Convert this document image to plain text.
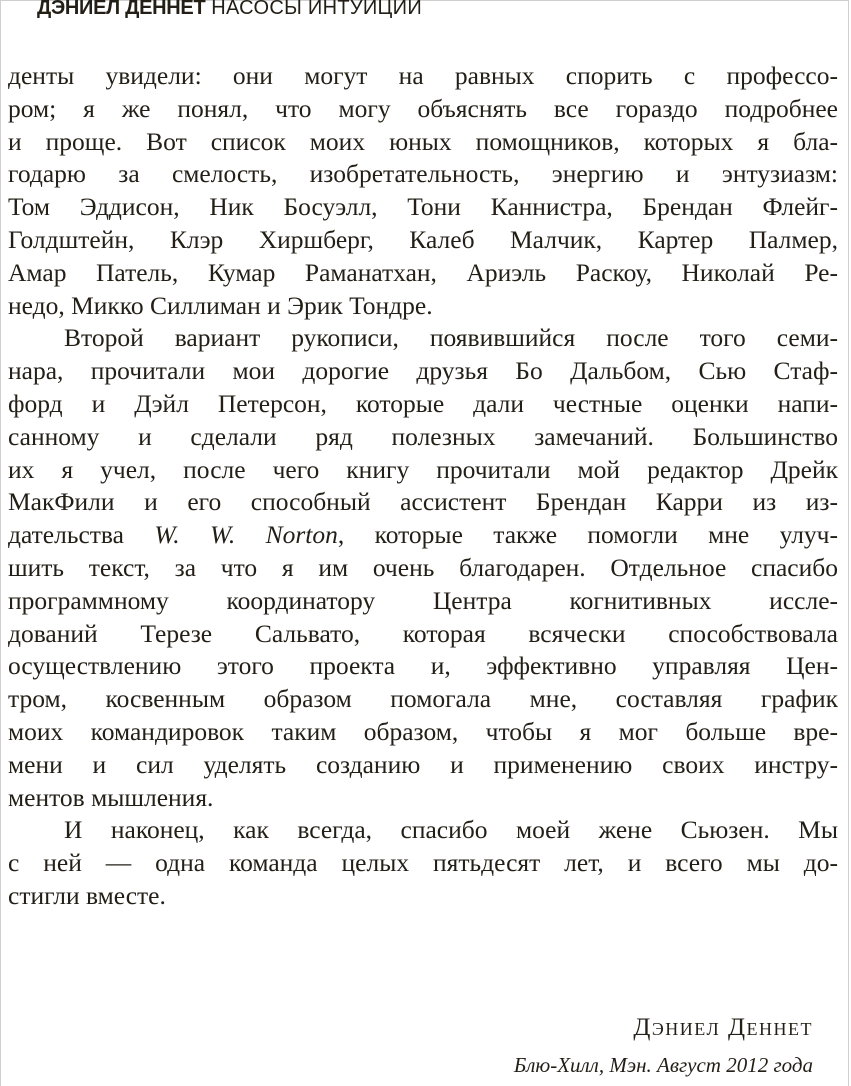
ДЭНИЕЛ ДЕННЕТ НАСОСЫ ИНТУИЦИИ
денты увидели: они могут на равных спорить с профессо-
ром; я же понял, что могу объяснять все гораздо подробнее
и проще. Вот список моих юных помощников, которых я бла-
годарю за смелость, изобретательность, энергию и энтузиазм:
Том Эддисон, Ник Босуэлл, Тони Каннистра, Брендан Флейг-
Голдштейн, Клэр Хиршберг, Калеб Малчик, Картер Палмер,
Амар Патель, Кумар Раманатхан, Ариэль Раскоу, Николай Ре-
недо, Микко Силлиман и Эрик Тондре.
Второй вариант рукописи, появившийся после того семи-
нара, прочитали мои дорогие друзья Бо Дальбом, Сью Стаф-
форд и Дэйл Петерсон, которые дали честные оценки напи-
санному и сделали ряд полезных замечаний. Большинство
их я учел, после чего книгу прочитали мой редактор Дрейк
МакФили и его способный ассистент Брендан Карри из из-
дательства W. W. Norton, которые также помогли мне улуч-
шить текст, за что я им очень благодарен. Отдельное спасибо
программному координатору Центра когнитивных иссле-
дований Терезе Сальвато, которая всячески способствовала
осуществлению этого проекта и, эффективно управляя Цен-
тром, косвенным образом помогала мне, составляя график
моих командировок таким образом, чтобы я мог больше вре-
мени и сил уделять созданию и применению своих инстру-
ментов мышления.
И наконец, как всегда, спасибо моей жене Сьюзен. Мы
с ней — одна команда целых пятьдесят лет, и всего мы до-
стигли вместе.
Дэниел Деннет
Блю-Хилл, Мэн. Август 2012 года
